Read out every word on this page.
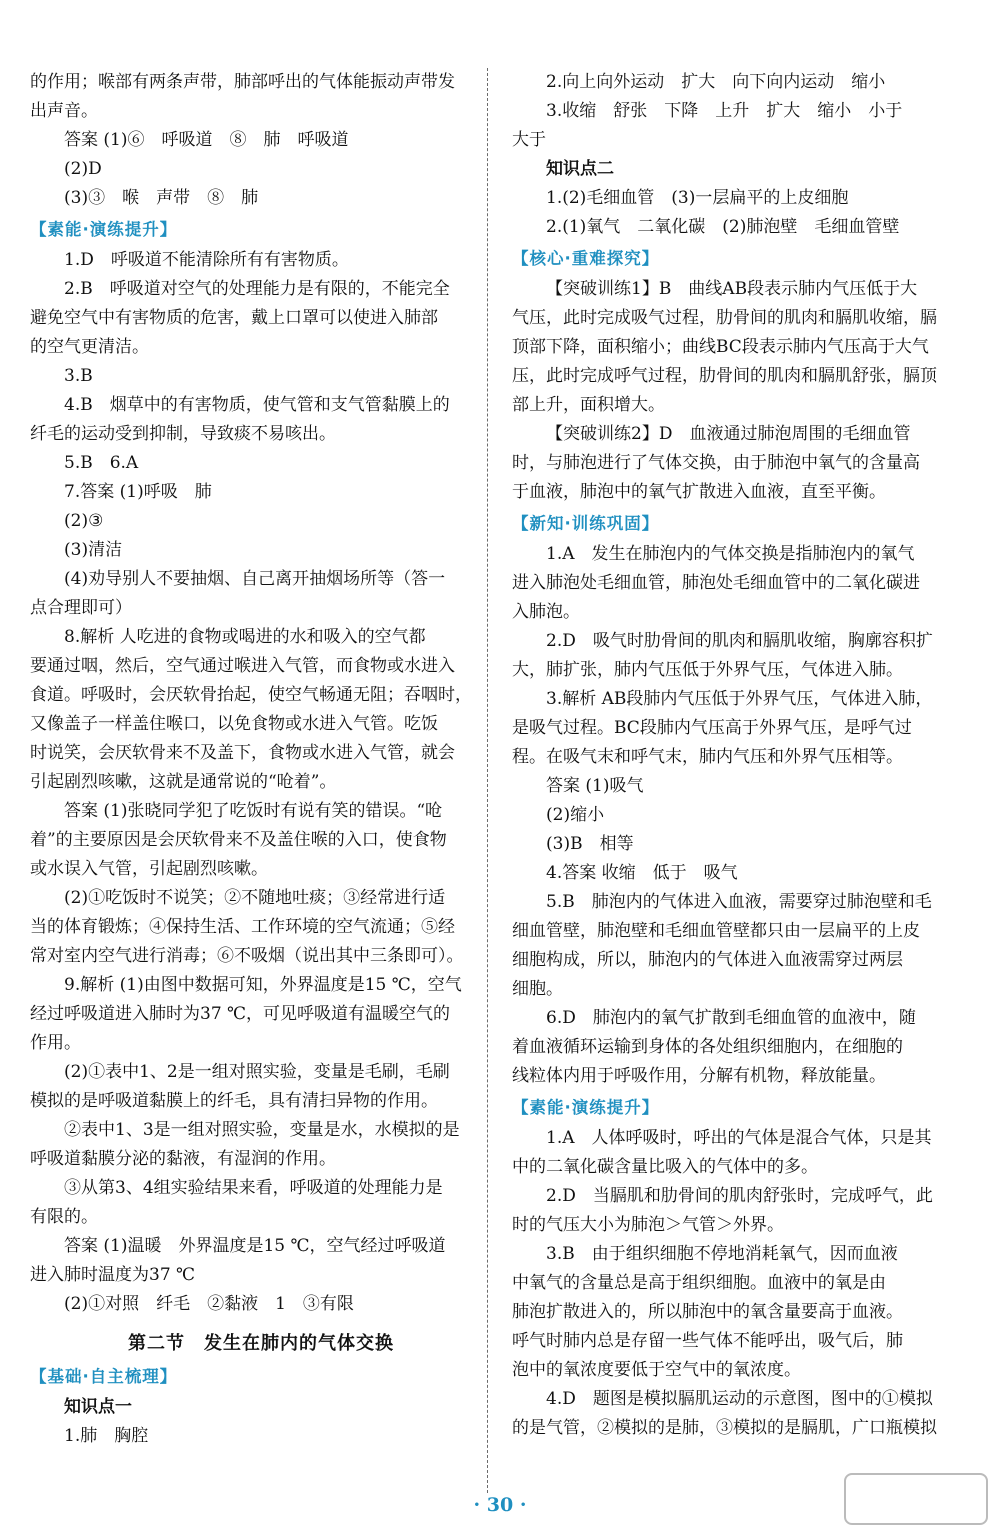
的作用；喉部有两条声带，肺部呼出的气体能振动声带发
出声音。
答案 (1)⑥　呼吸道　⑧　肺　呼吸道
(2)D
(3)③　喉　声带　⑧　肺
【素能·演练提升】
1.D　呼吸道不能清除所有有害物质。
2.B　呼吸道对空气的处理能力是有限的，不能完全
避免空气中有害物质的危害，戴上口罩可以使进入肺部
的空气更清洁。
3.B
4.B　烟草中的有害物质，使气管和支气管黏膜上的
纤毛的运动受到抑制，导致痰不易咳出。
5.B　6.A
7.答案 (1)呼吸　肺
(2)③
(3)清洁
(4)劝导别人不要抽烟、自己离开抽烟场所等（答一
点合理即可）
8.解析 人吃进的食物或喝进的水和吸入的空气都
要通过咽，然后，空气通过喉进入气管，而食物或水进入
食道。呼吸时，会厌软骨抬起，使空气畅通无阻；吞咽时，
又像盖子一样盖住喉口，以免食物或水进入气管。吃饭
时说笑，会厌软骨来不及盖下，食物或水进入气管，就会
引起剧烈咳嗽，这就是通常说的“呛着”。
答案 (1)张晓同学犯了吃饭时有说有笑的错误。“呛
着”的主要原因是会厌软骨来不及盖住喉的入口，使食物
或水误入气管，引起剧烈咳嗽。
(2)①吃饭时不说笑；②不随地吐痰；③经常进行适
当的体育锻炼；④保持生活、工作环境的空气流通；⑤经
常对室内空气进行消毒；⑥不吸烟（说出其中三条即可）。
9.解析 (1)由图中数据可知，外界温度是15 ℃，空气
经过呼吸道进入肺时为37 ℃，可见呼吸道有温暖空气的
作用。
(2)①表中1、2是一组对照实验，变量是毛刷，毛刷
模拟的是呼吸道黏膜上的纤毛，具有清扫异物的作用。
②表中1、3是一组对照实验，变量是水，水模拟的是
呼吸道黏膜分泌的黏液，有湿润的作用。
③从第3、4组实验结果来看，呼吸道的处理能力是
有限的。
答案 (1)温暖　外界温度是15 ℃，空气经过呼吸道
进入肺时温度为37 ℃
(2)①对照　纤毛　②黏液　1　③有限
第二节　发生在肺内的气体交换
【基础·自主梳理】
知识点一
1.肺　胸腔
2.向上向外运动　扩大　向下向内运动　缩小
3.收缩　舒张　下降　上升　扩大　缩小　小于
大于
知识点二
1.(2)毛细血管　(3)一层扁平的上皮细胞
2.(1)氧气　二氧化碳　(2)肺泡壁　毛细血管壁
【核心·重难探究】
【突破训练1】B　曲线AB段表示肺内气压低于大
气压，此时完成吸气过程，肋骨间的肌肉和膈肌收缩，膈
顶部下降，面积缩小；曲线BC段表示肺内气压高于大气
压，此时完成呼气过程，肋骨间的肌肉和膈肌舒张，膈顶
部上升，面积增大。
【突破训练2】D　血液通过肺泡周围的毛细血管
时，与肺泡进行了气体交换，由于肺泡中氧气的含量高
于血液，肺泡中的氧气扩散进入血液，直至平衡。
【新知·训练巩固】
1.A　发生在肺泡内的气体交换是指肺泡内的氧气
进入肺泡处毛细血管，肺泡处毛细血管中的二氧化碳进
入肺泡。
2.D　吸气时肋骨间的肌肉和膈肌收缩，胸廓容积扩
大，肺扩张，肺内气压低于外界气压，气体进入肺。
3.解析 AB段肺内气压低于外界气压，气体进入肺，
是吸气过程。BC段肺内气压高于外界气压，是呼气过
程。在吸气末和呼气末，肺内气压和外界气压相等。
答案 (1)吸气
(2)缩小
(3)B　相等
4.答案 收缩　低于　吸气
5.B　肺泡内的气体进入血液，需要穿过肺泡壁和毛
细血管壁，肺泡壁和毛细血管壁都只由一层扁平的上皮
细胞构成，所以，肺泡内的气体进入血液需穿过两层
细胞。
6.D　肺泡内的氧气扩散到毛细血管的血液中，随
着血液循环运输到身体的各处组织细胞内，在细胞的
线粒体内用于呼吸作用，分解有机物，释放能量。
【素能·演练提升】
1.A　人体呼吸时，呼出的气体是混合气体，只是其
中的二氧化碳含量比吸入的气体中的多。
2.D　当膈肌和肋骨间的肌肉舒张时，完成呼气，此
时的气压大小为肺泡＞气管＞外界。
3.B　由于组织细胞不停地消耗氧气，因而血液
中氧气的含量总是高于组织细胞。血液中的氧是由
肺泡扩散进入的，所以肺泡中的氧含量要高于血液。
呼气时肺内总是存留一些气体不能呼出，吸气后，肺
泡中的氧浓度要低于空气中的氧浓度。
4.D　题图是模拟膈肌运动的示意图，图中的①模拟
的是气管，②模拟的是肺，③模拟的是膈肌，广口瓶模拟
· 30 ·
